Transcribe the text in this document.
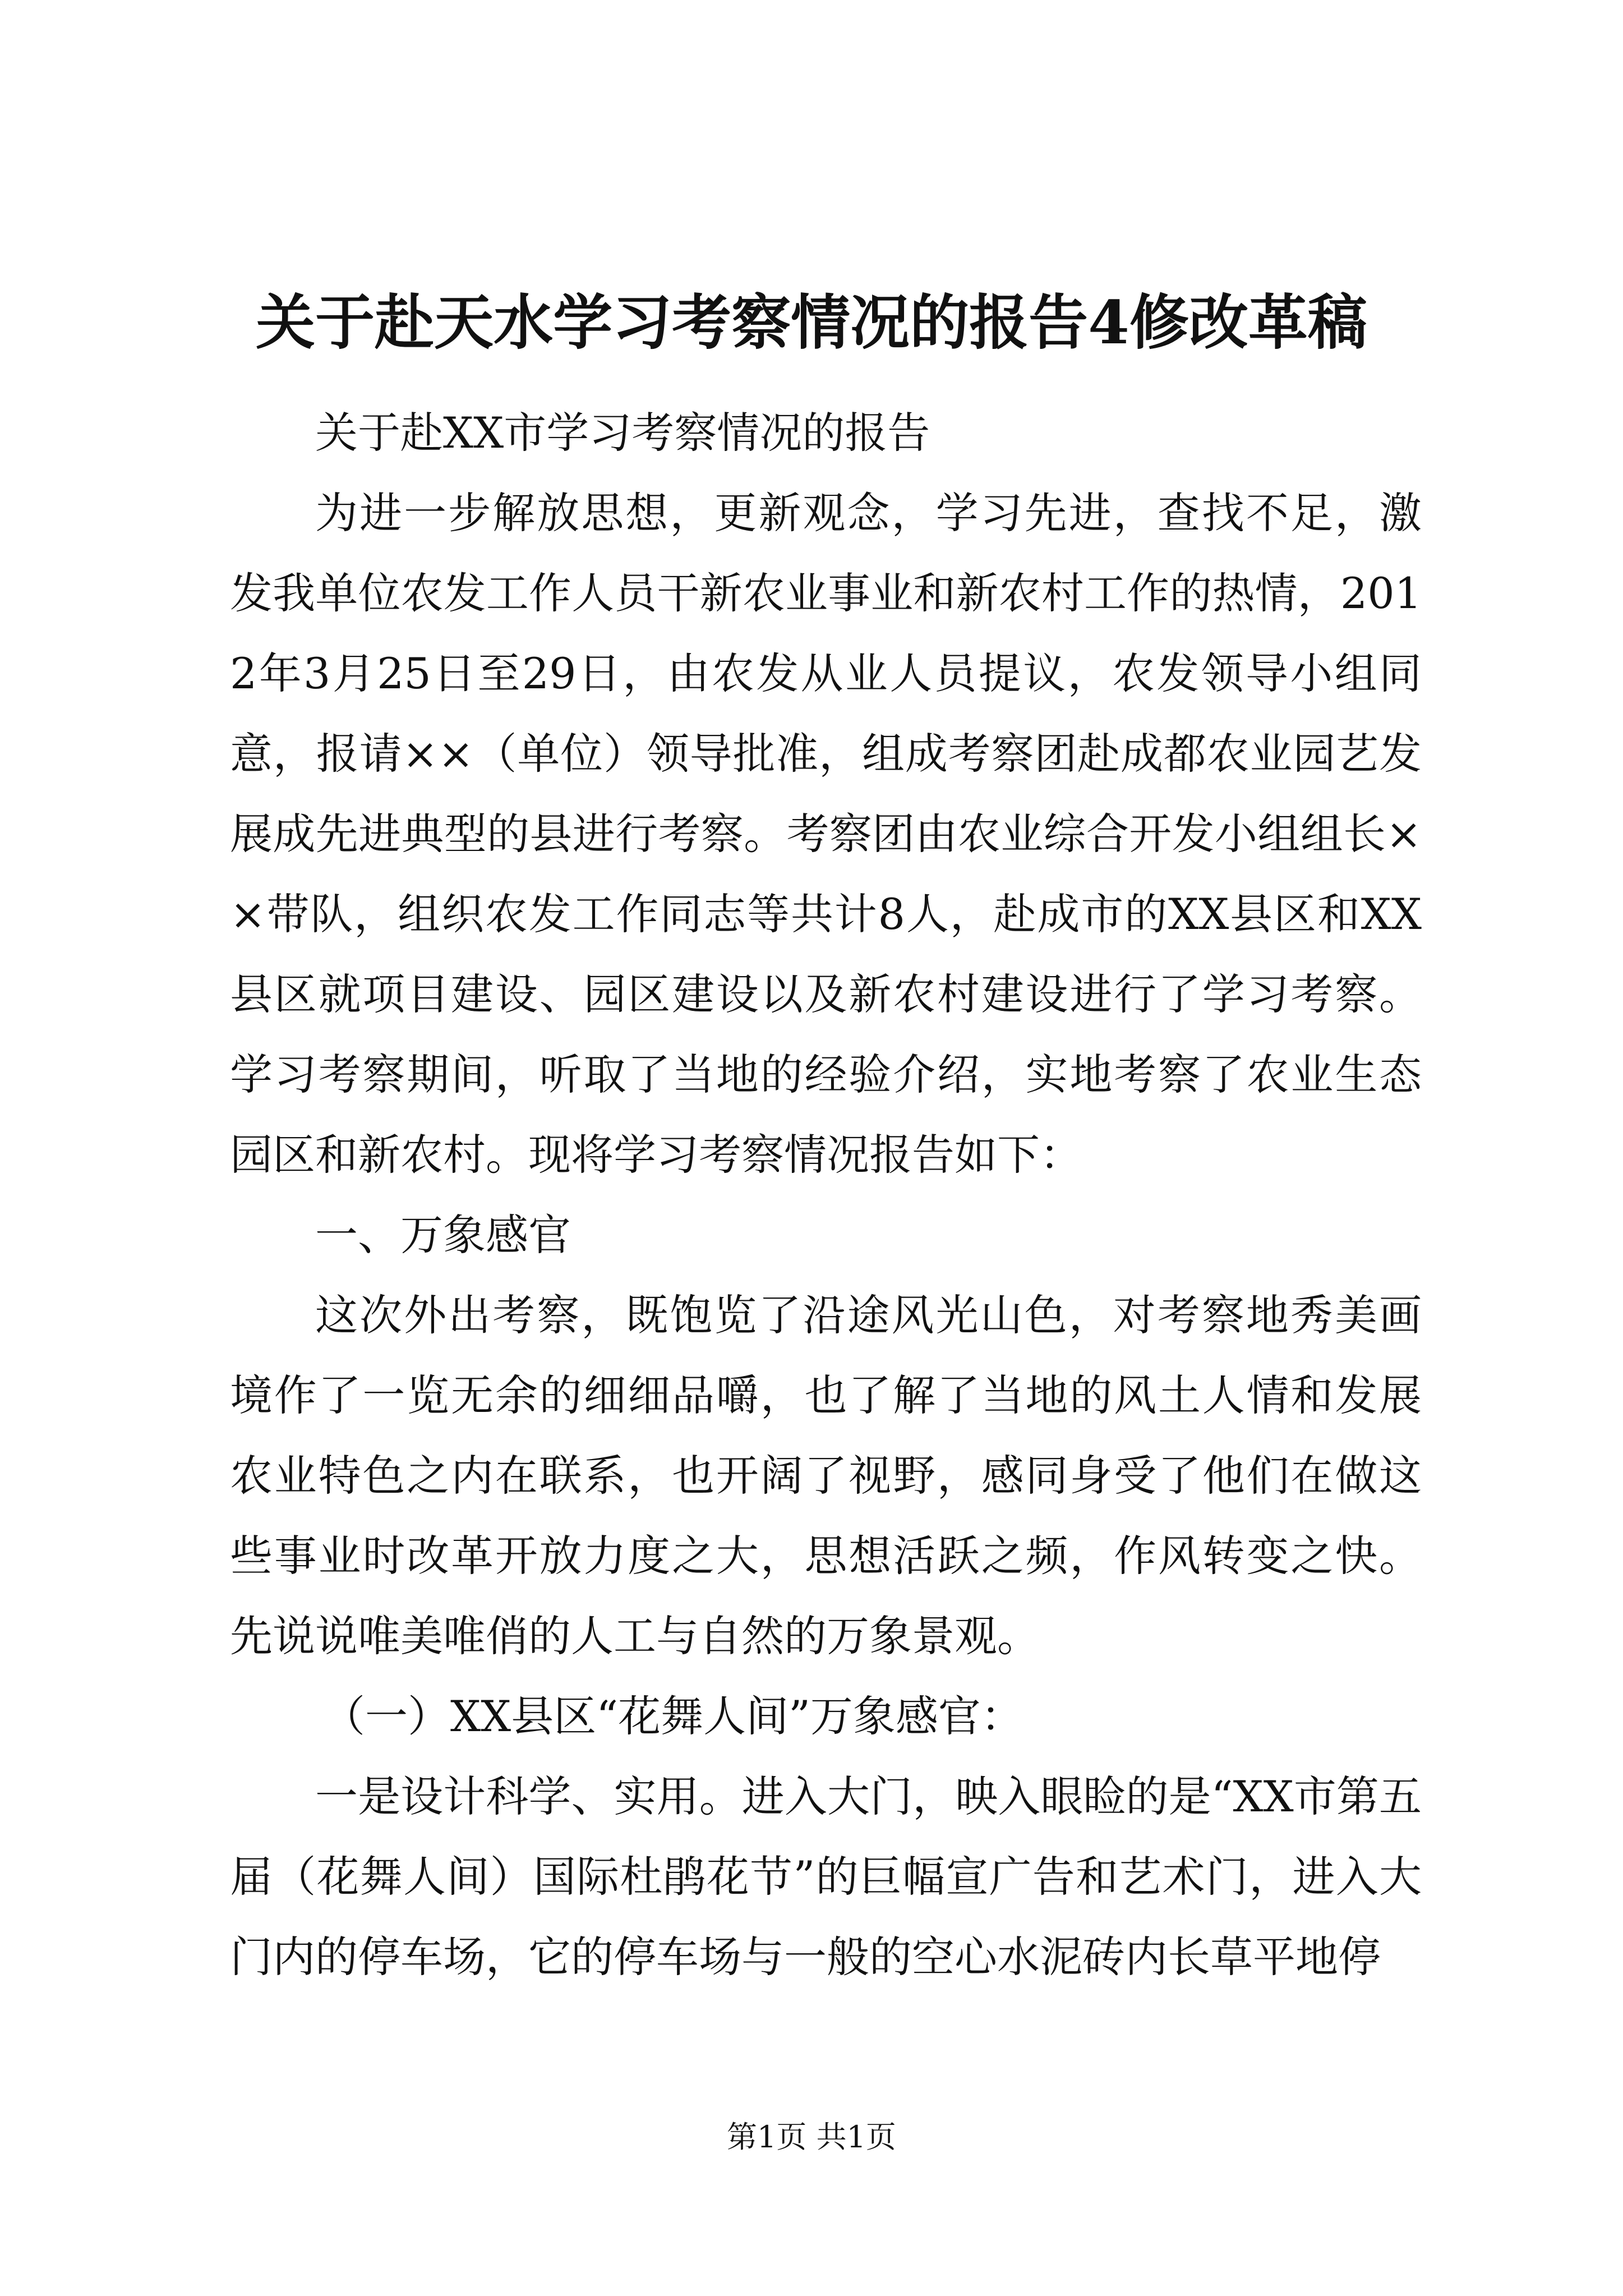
关于赴天水学习考察情况的报告4修改革稿

关于赴XX市学习考察情况的报告

为进一步解放思想，更新观念，学习先进，查找不足，激发我单位农发工作人员干新农业事业和新农村工作的热情，2012年3月25日至29日，由农发从业人员提议，农发领导小组同意，报请××（单位）领导批准，组成考察团赴成都农业园艺发展成先进典型的县进行考察。考察团由农业综合开发小组组长××带队，组织农发工作同志等共计8人，赴成市的XX县区和XX县区就项目建设、园区建设以及新农村建设进行了学习考察。学习考察期间，听取了当地的经验介绍，实地考察了农业生态园区和新农村。现将学习考察情况报告如下：

一、万象感官

这次外出考察，既饱览了沿途风光山色，对考察地秀美画境作了一览无余的细细品嚼，也了解了当地的风土人情和发展农业特色之内在联系，也开阔了视野，感同身受了他们在做这些事业时改革开放力度之大，思想活跃之频，作风转变之快。先说说唯美唯俏的人工与自然的万象景观。

（一）XX县区“花舞人间”万象感官：

一是设计科学、实用。进入大门，映入眼睑的是“XX市第五届（花舞人间）国际杜鹃花节”的巨幅宣广告和艺术门，进入大门内的停车场，它的停车场与一般的空心水泥砖内长草平地停

第1页 共1页
